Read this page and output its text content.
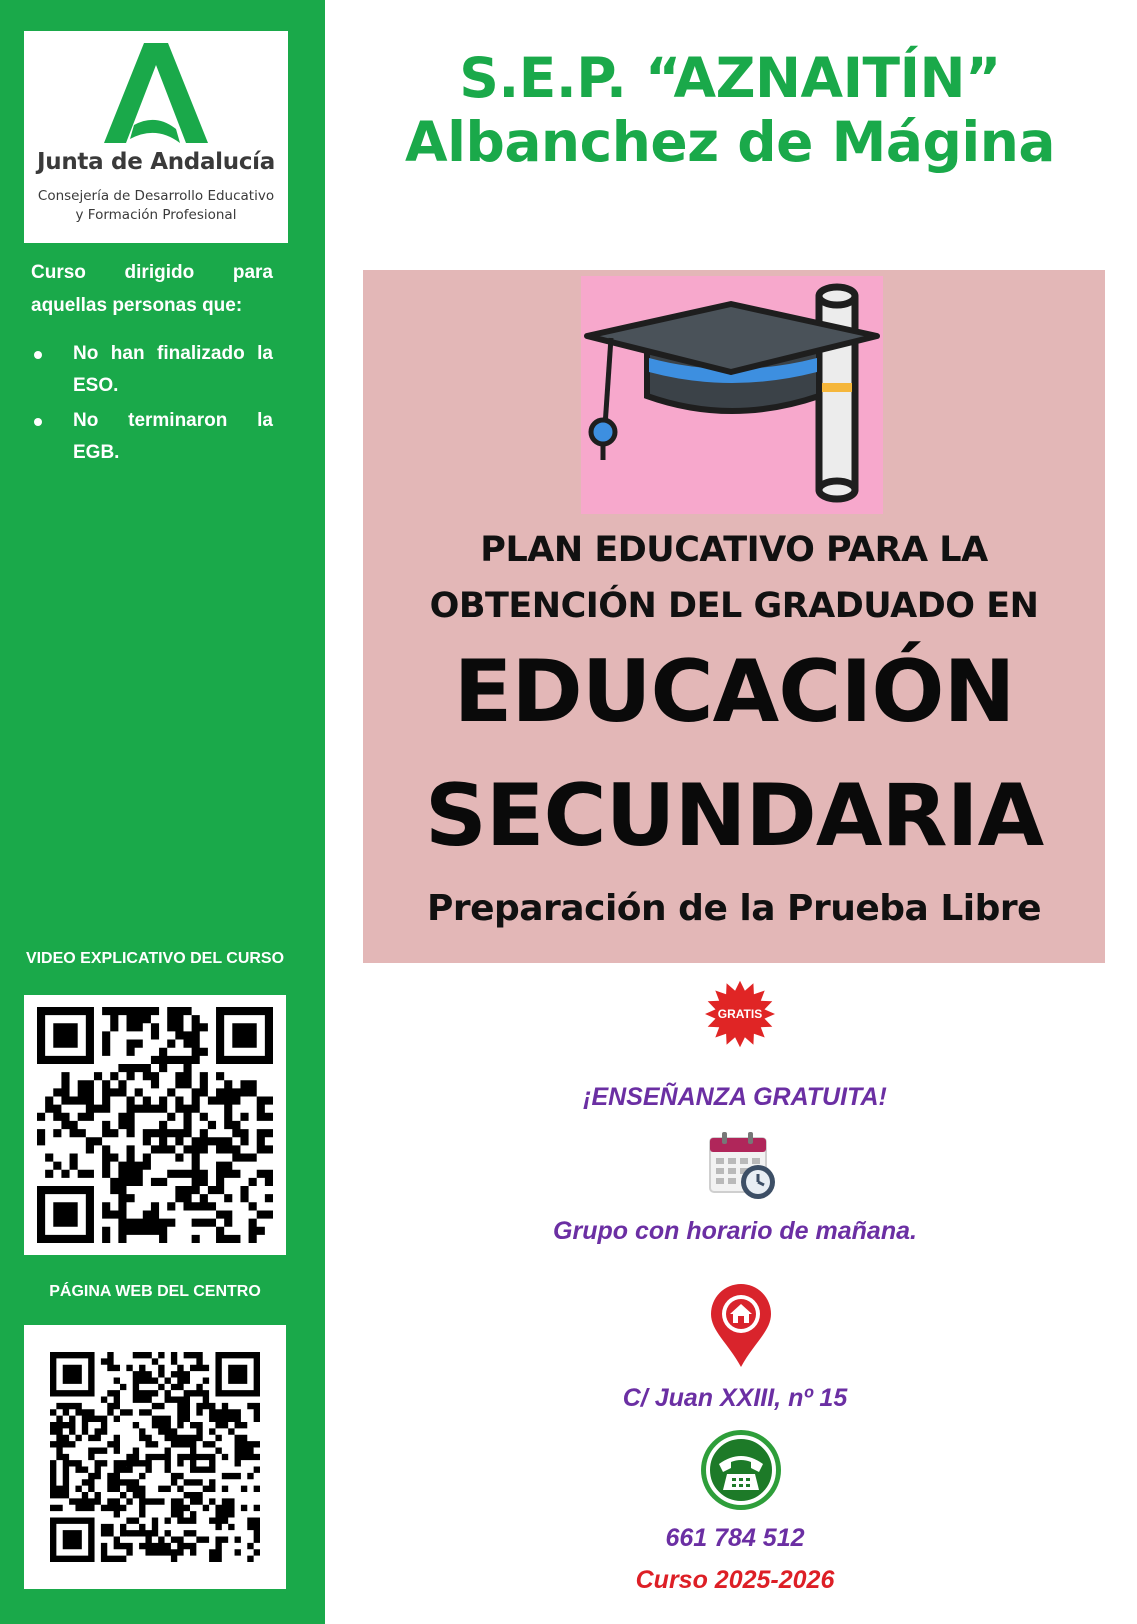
Junta de Andalucía
Consejería de Desarrollo Educativo
y Formación Profesional

Curso dirigido para aquellas personas que:

No han finalizado la ESO.
No terminaron la EGB.
VIDEO EXPLICATIVO DEL CURSO
PÁGINA WEB DEL CENTRO
S.E.P. “AZNAITÍN”
Albanchez de Mágina
PLAN EDUCATIVO PARA LA
OBTENCIÓN DEL GRADUADO EN
EDUCACIÓN
SECUNDARIA
Preparación de la Prueba Libre
GRATIS
¡ENSEÑANZA GRATUITA!
Grupo con horario de mañana.
C/ Juan XXIII, nº 15
661 784 512
Curso 2025-2026
